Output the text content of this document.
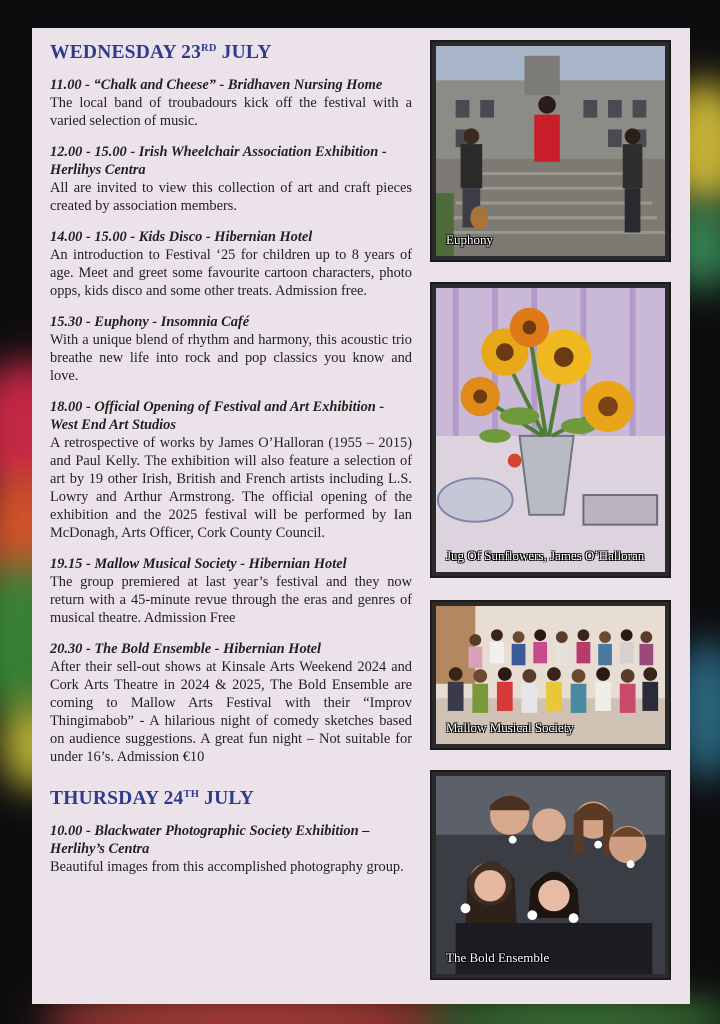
WEDNESDAY 23RD JULY
11.00 - “Chalk and Cheese” - Bridhaven Nursing Home
The local band of troubadours kick off the festival with a varied selection of music.
12.00 - 15.00 - Irish Wheelchair Association Exhibition - Herlihys Centra
All are invited to view this collection of art and craft pieces created by association members.
14.00 - 15.00 - Kids Disco - Hibernian Hotel
An introduction to Festival ‘25 for children up to 8 years of age. Meet and greet some favourite cartoon characters, photo opps, kids disco and some other treats. Admission free.
15.30 - Euphony - Insomnia Café
With a unique blend of rhythm and harmony, this acoustic trio breathe new life into rock and pop classics you know and love.
18.00 - Official Opening of Festival and Art Exhibition - West End Art Studios
A retrospective of works by James O’Halloran (1955 – 2015) and Paul Kelly. The exhibition will also feature a selection of art by 19 other Irish, British and French artists including L.S. Lowry and Arthur Armstrong. The official opening of the exhibition and the 2025 festival will be performed by Ian McDonagh, Arts Officer, Cork County Council.
19.15 - Mallow Musical Society - Hibernian Hotel
The group premiered at last year’s festival and they now return with a 45-minute revue through the eras and genres of musical theatre. Admission Free
20.30 - The Bold Ensemble - Hibernian Hotel
After their sell-out shows at Kinsale Arts Weekend 2024 and Cork Arts Theatre in 2024 & 2025, The Bold Ensemble are coming to Mallow Arts Festival with their “Improv Thingimabob” - A hilarious night of comedy sketches based on audience suggestions. A great fun night – Not suitable for under 16’s. Admission €10
THURSDAY 24TH JULY
10.00 - Blackwater Photographic Society Exhibition – Herlihy’s Centra
Beautiful images from this accomplished photography group.
Euphony
Jug Of Sunflowers, James O’Halloran
Mallow Musical Society
The Bold Ensemble
